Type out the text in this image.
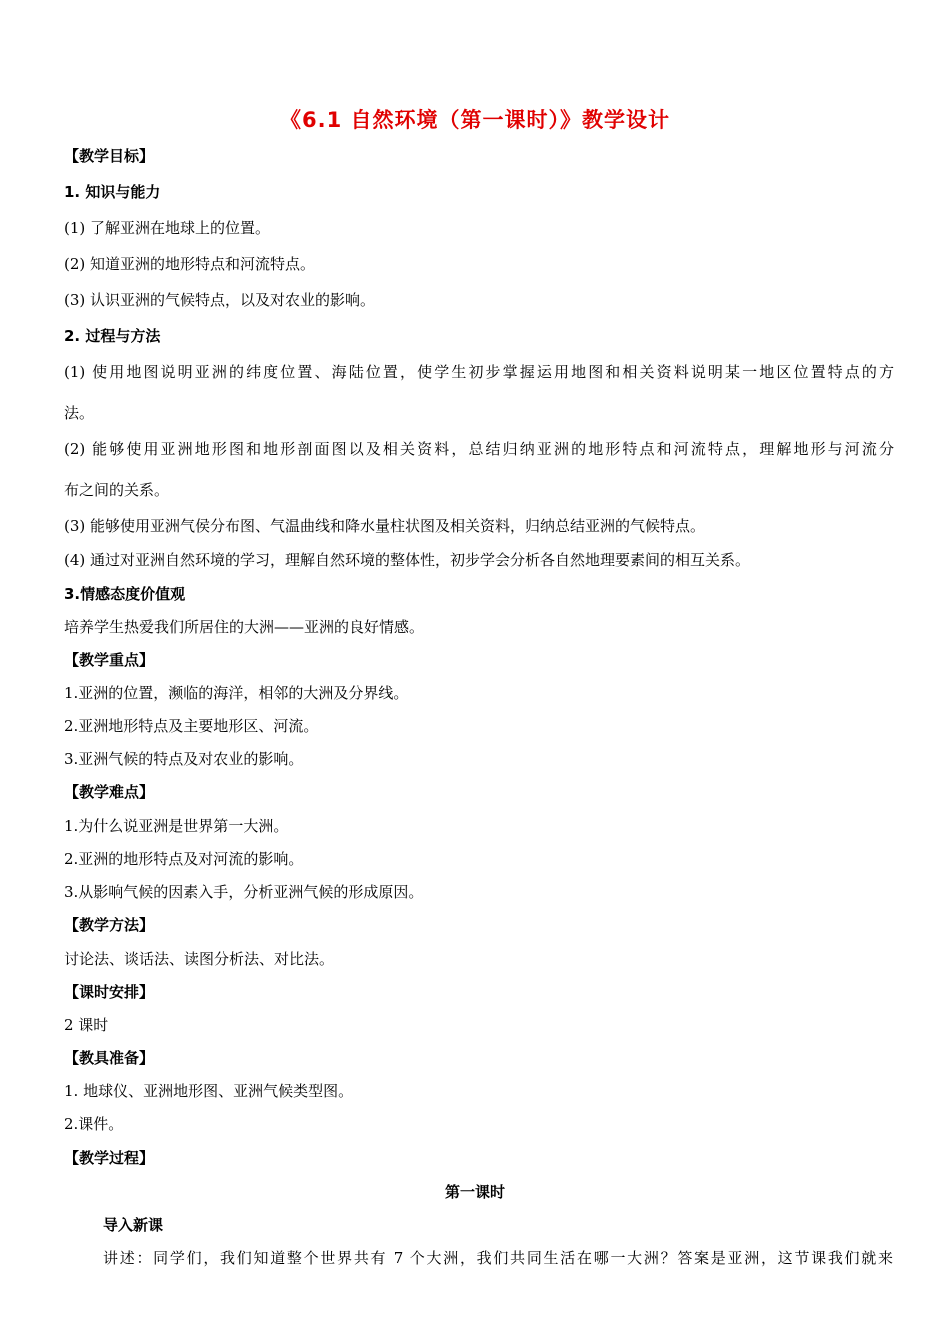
《6.1 自然环境（第一课时）》教学设计
【教学目标】
1. 知识与能力
(1) 了解亚洲在地球上的位置。
(2) 知道亚洲的地形特点和河流特点。
(3) 认识亚洲的气候特点，以及对农业的影响。
2. 过程与方法
(1) 使用地图说明亚洲的纬度位置、海陆位置，使学生初步掌握运用地图和相关资料说明某一地区位置特点的方
法。
(2) 能够使用亚洲地形图和地形剖面图以及相关资料，总结归纳亚洲的地形特点和河流特点，理解地形与河流分
布之间的关系。
(3) 能够使用亚洲气侯分布图、气温曲线和降水量柱状图及相关资料，归纳总结亚洲的气候特点。
(4) 通过对亚洲自然环境的学习，理解自然环境的整体性，初步学会分析各自然地理要素间的相互关系。
3.情感态度价值观
培养学生热爱我们所居住的大洲——亚洲的良好情感。
【教学重点】
1.亚洲的位置，濒临的海洋，相邻的大洲及分界线。
2.亚洲地形特点及主要地形区、河流。
3.亚洲气候的特点及对农业的影响。
【教学难点】
1.为什么说亚洲是世界第一大洲。
2.亚洲的地形特点及对河流的影响。
3.从影响气候的因素入手，分析亚洲气候的形成原因。
【教学方法】
讨论法、谈话法、读图分析法、对比法。
【课时安排】
2 课时
【教具准备】
1. 地球仪、亚洲地形图、亚洲气候类型图。
2.课件。
【教学过程】
第一课时
导入新课
讲述：同学们，我们知道整个世界共有 7 个大洲，我们共同生活在哪一大洲？答案是亚洲，这节课我们就来
